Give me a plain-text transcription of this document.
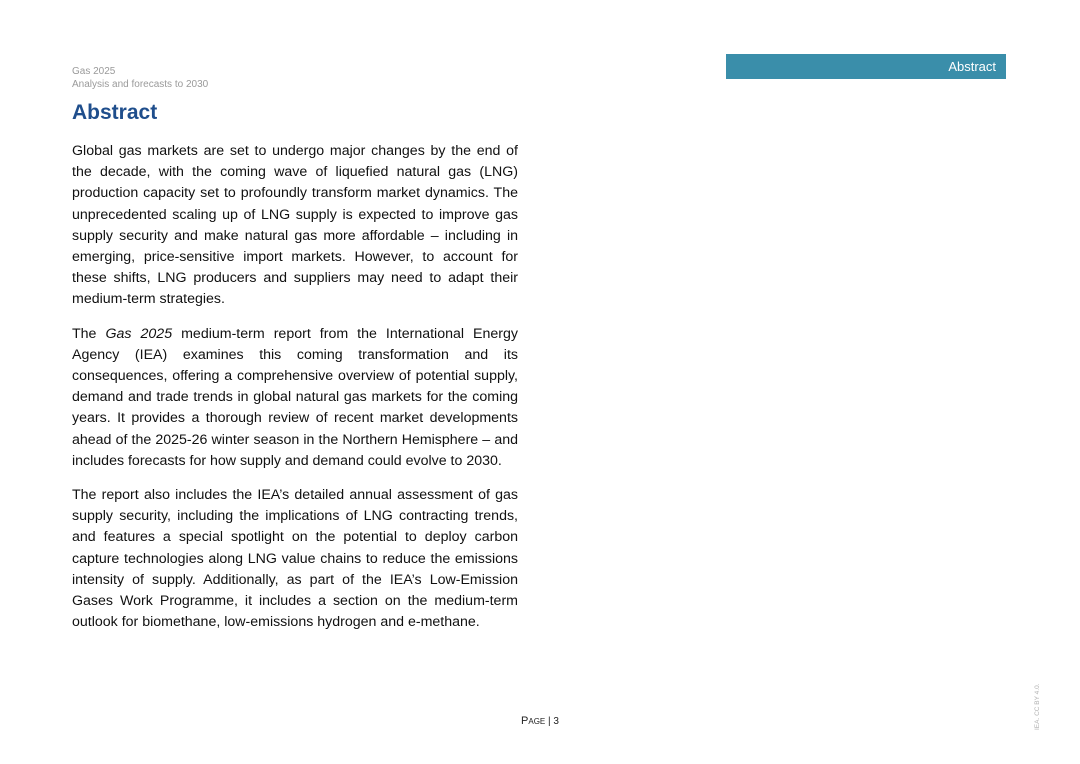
Gas 2025
Analysis and forecasts to 2030
Abstract
Abstract

Global gas markets are set to undergo major changes by the end of the decade, with the coming wave of liquefied natural gas (LNG) production capacity set to profoundly transform market dynamics. The unprecedented scaling up of LNG supply is expected to improve gas supply security and make natural gas more affordable – including in emerging, price-sensitive import markets. However, to account for these shifts, LNG producers and suppliers may need to adapt their medium-term strategies.

The Gas 2025 medium-term report from the International Energy Agency (IEA) examines this coming transformation and its consequences, offering a comprehensive overview of potential supply, demand and trade trends in global natural gas markets for the coming years. It provides a thorough review of recent market developments ahead of the 2025-26 winter season in the Northern Hemisphere – and includes forecasts for how supply and demand could evolve to 2030.

The report also includes the IEA’s detailed annual assessment of gas supply security, including the implications of LNG contracting trends, and features a special spotlight on the potential to deploy carbon capture technologies along LNG value chains to reduce the emissions intensity of supply. Additionally, as part of the IEA’s Low-Emission Gases Work Programme, it includes a section on the medium-term outlook for biomethane, low-emissions hydrogen and e-methane.

Page | 3	IEA. CC BY 4.0.
